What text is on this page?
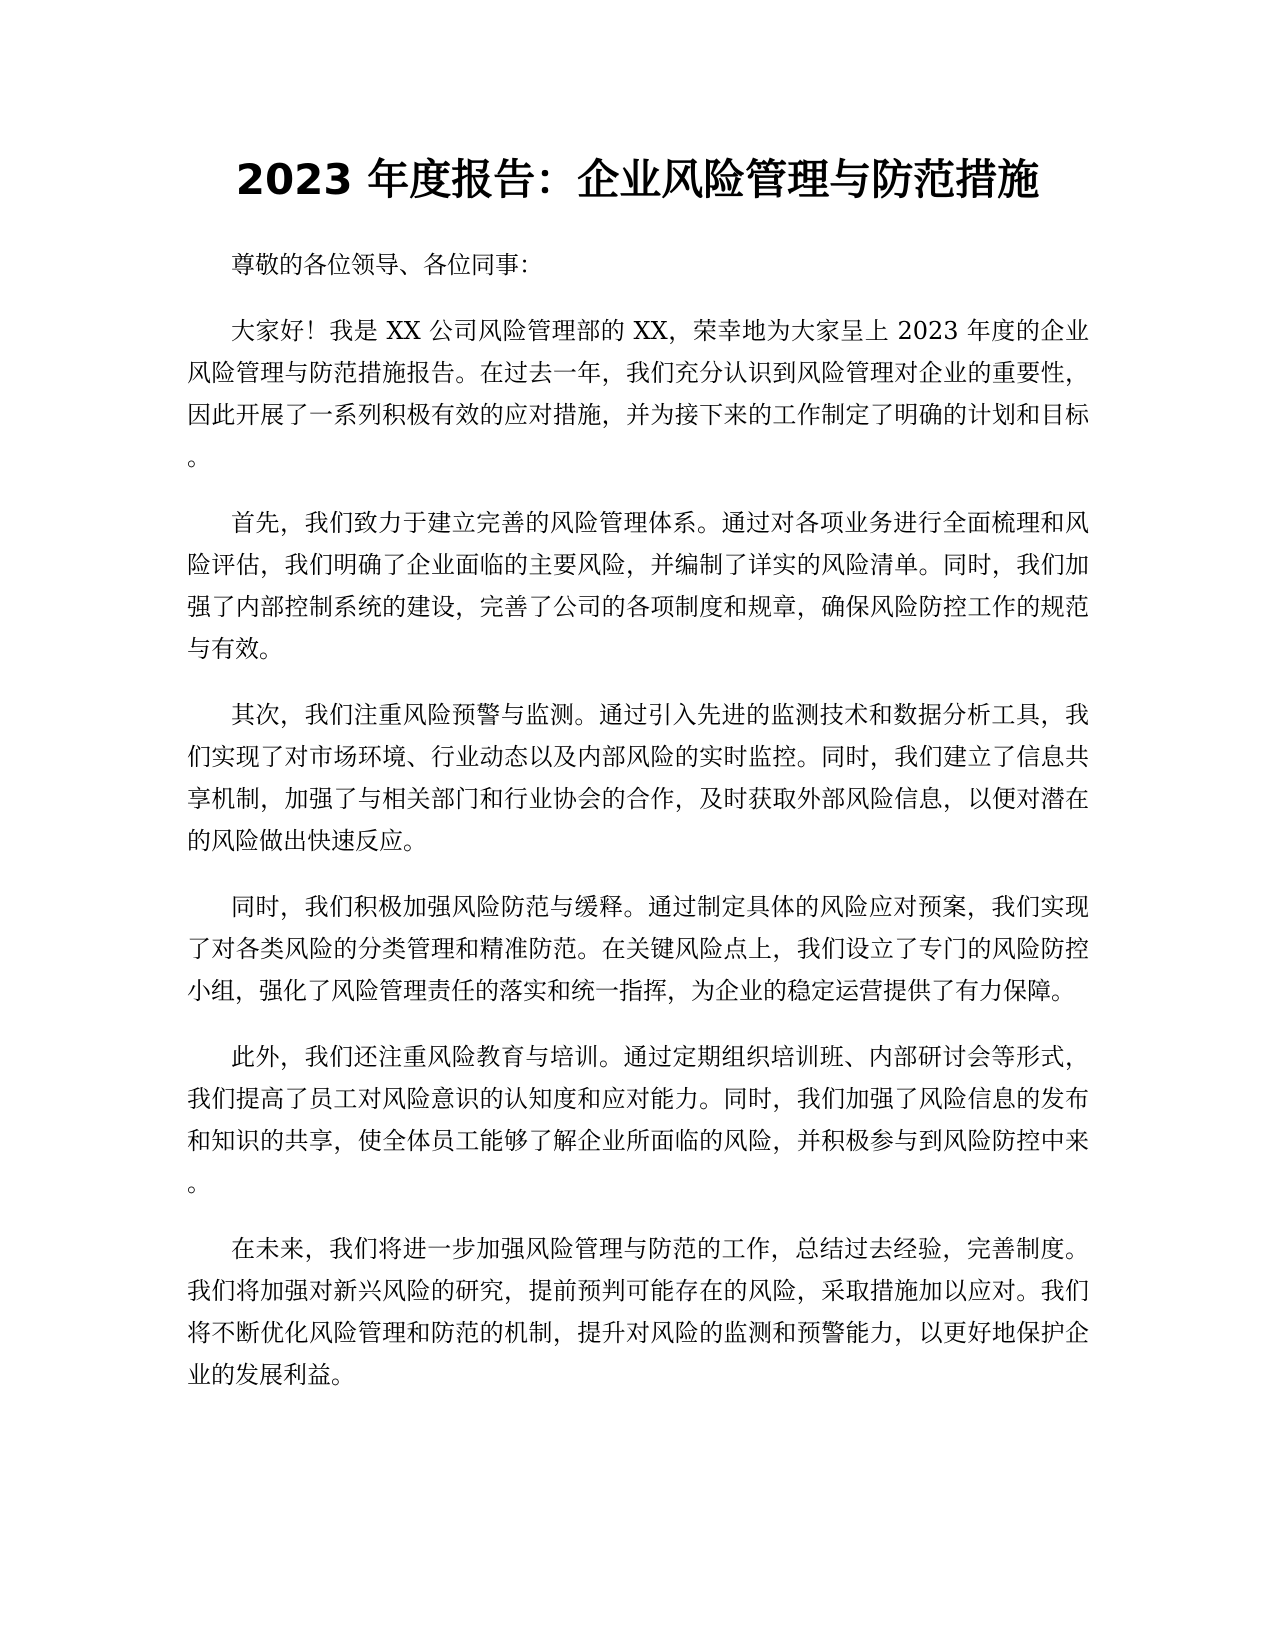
2023 年度报告：企业风险管理与防范措施

尊敬的各位领导、各位同事：

大家好！我是 XX 公司风险管理部的 XX，荣幸地为大家呈上 2023 年度的企业风险管理与防范措施报告。在过去一年，我们充分认识到风险管理对企业的重要性，因此开展了一系列积极有效的应对措施，并为接下来的工作制定了明确的计划和目标。

首先，我们致力于建立完善的风险管理体系。通过对各项业务进行全面梳理和风险评估，我们明确了企业面临的主要风险，并编制了详实的风险清单。同时，我们加强了内部控制系统的建设，完善了公司的各项制度和规章，确保风险防控工作的规范与有效。

其次，我们注重风险预警与监测。通过引入先进的监测技术和数据分析工具，我们实现了对市场环境、行业动态以及内部风险的实时监控。同时，我们建立了信息共享机制，加强了与相关部门和行业协会的合作，及时获取外部风险信息，以便对潜在的风险做出快速反应。

同时，我们积极加强风险防范与缓释。通过制定具体的风险应对预案，我们实现了对各类风险的分类管理和精准防范。在关键风险点上，我们设立了专门的风险防控小组，强化了风险管理责任的落实和统一指挥，为企业的稳定运营提供了有力保障。

此外，我们还注重风险教育与培训。通过定期组织培训班、内部研讨会等形式，我们提高了员工对风险意识的认知度和应对能力。同时，我们加强了风险信息的发布和知识的共享，使全体员工能够了解企业所面临的风险，并积极参与到风险防控中来。

在未来，我们将进一步加强风险管理与防范的工作，总结过去经验，完善制度。我们将加强对新兴风险的研究，提前预判可能存在的风险，采取措施加以应对。我们将不断优化风险管理和防范的机制，提升对风险的监测和预警能力，以更好地保护企业的发展利益。
